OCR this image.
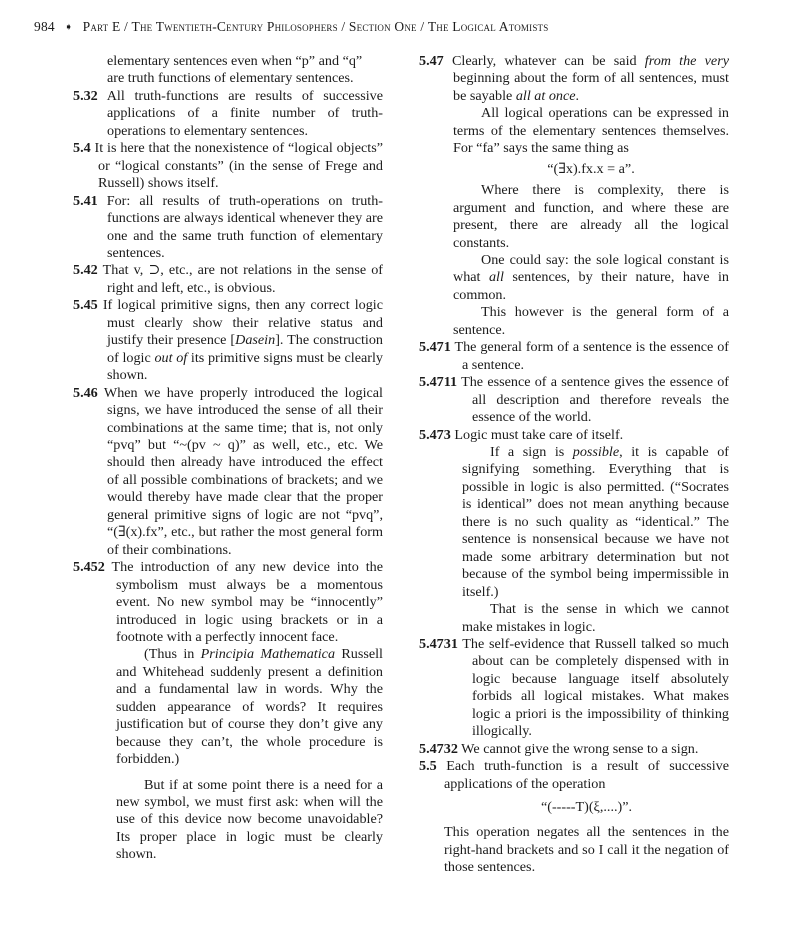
984 ➧ Part E / The Twentieth-Century Philosophers / Section One / The Logical Atomists
elementary sentences even when “p” and “q”
are truth functions of elementary sentences.
5.32 All truth-functions are results of successive applications of a finite number of truth-operations to elementary sentences.
5.4 It is here that the nonexistence of “logical objects” or “logical constants” (in the sense of Frege and Russell) shows itself.
5.41 For: all results of truth-operations on truth-functions are always identical whenever they are one and the same truth function of elementary sentences.
5.42 That v, ⊃, etc., are not relations in the sense of right and left, etc., is obvious.
5.45 If logical primitive signs, then any correct logic must clearly show their relative status and justify their presence [Dasein]. The construction of logic out of its primitive signs must be clearly shown.
5.46 When we have properly introduced the logical signs, we have introduced the sense of all their combinations at the same time; that is, not only “pvq” but “~(pv ~ q)” as well, etc., etc. We should then already have introduced the effect of all possible combinations of brackets; and we would thereby have made clear that the proper general primitive signs of logic are not “pvq”, “(∃(x).fx”, etc., but rather the most general form of their combinations.
5.452 The introduction of any new device into the symbolism must always be a momentous event. No new symbol may be “innocently” introduced in logic using brackets or in a footnote with a perfectly innocent face.

(Thus in Principia Mathematica Russell and Whitehead suddenly present a definition and a fundamental law in words. Why the sudden appearance of words? It requires justification but of course they don’t give any because they can’t, the whole procedure is forbidden.)

But if at some point there is a need for a new symbol, we must first ask: when will the use of this device now become unavoidable? Its proper place in logic must be clearly shown.

5.47 Clearly, whatever can be said from the very beginning about the form of all sentences, must be sayable all at once.

All logical operations can be expressed in terms of the elementary sentences themselves. For “fa” says the same thing as

“(∃x).fx.x = a”.

Where there is complexity, there is argument and function, and where these are present, there are already all the logical constants.

One could say: the sole logical constant is what all sentences, by their nature, have in common.

This however is the general form of a sentence.

5.471 The general form of a sentence is the essence of a sentence.
5.4711 The essence of a sentence gives the essence of all description and therefore reveals the essence of the world.
5.473 Logic must take care of itself.

If a sign is possible, it is capable of signifying something. Everything that is possible in logic is also permitted. (“Socrates is identical” does not mean anything because there is no such quality as “identical.” The sentence is nonsensical because we have not made some arbitrary determination but not because of the symbol being impermissible in itself.)

That is the sense in which we cannot make mistakes in logic.

5.4731 The self-evidence that Russell talked so much about can be completely dispensed with in logic because language itself absolutely forbids all logical mistakes. What makes logic a priori is the impossibility of thinking illogically.
5.4732 We cannot give the wrong sense to a sign.
5.5 Each truth-function is a result of successive applications of the operation

“(-----T)(ξ,....)”.

This operation negates all the sentences in the right-hand brackets and so I call it the negation of those sentences.
